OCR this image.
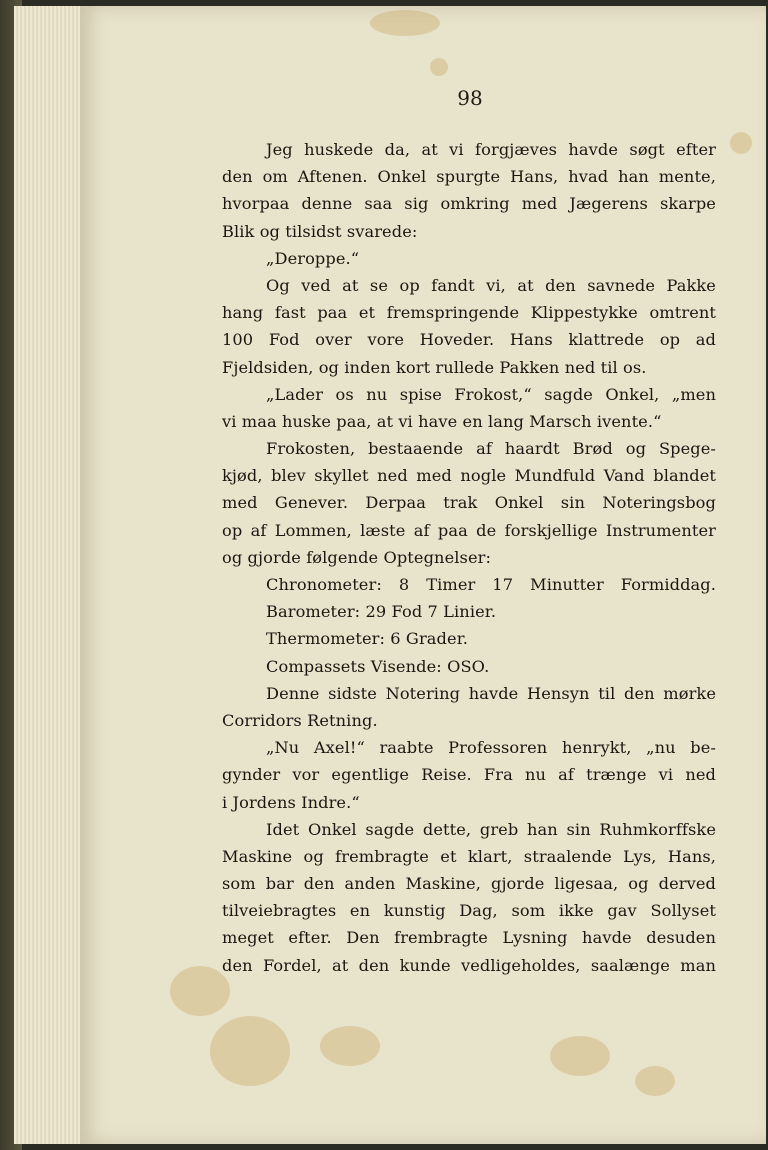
98
Jeg huskede da, at vi forgjæves havde søgt efter
den om Aftenen. Onkel spurgte Hans, hvad han mente,
hvorpaa denne saa sig omkring med Jægerens skarpe
Blik og tilsidst svarede:
„Deroppe.“
Og ved at se op fandt vi, at den savnede Pakke
hang fast paa et fremspringende Klippestykke omtrent
100 Fod over vore Hoveder. Hans klattrede op ad
Fjeldsiden, og inden kort rullede Pakken ned til os.
„Lader os nu spise Frokost,“ sagde Onkel, „men
vi maa huske paa, at vi have en lang Marsch ivente.“
Frokosten, bestaaende af haardt Brød og Spege-
kjød, blev skyllet ned med nogle Mundfuld Vand blandet
med Genever. Derpaa trak Onkel sin Noteringsbog
op af Lommen, læste af paa de forskjellige Instrumenter
og gjorde følgende Optegnelser:
Chronometer: 8 Timer 17 Minutter Formiddag.
Barometer: 29 Fod 7 Linier.
Thermometer: 6 Grader.
Compassets Visende: OSO.
Denne sidste Notering havde Hensyn til den mørke
Corridors Retning.
„Nu Axel!“ raabte Professoren henrykt, „nu be-
gynder vor egentlige Reise. Fra nu af trænge vi ned
i Jordens Indre.“
Idet Onkel sagde dette, greb han sin Ruhmkorffske
Maskine og frembragte et klart, straalende Lys, Hans,
som bar den anden Maskine, gjorde ligesaa, og derved
tilveiebragtes en kunstig Dag, som ikke gav Sollyset
meget efter. Den frembragte Lysning havde desuden
den Fordel, at den kunde vedligeholdes, saalænge man
